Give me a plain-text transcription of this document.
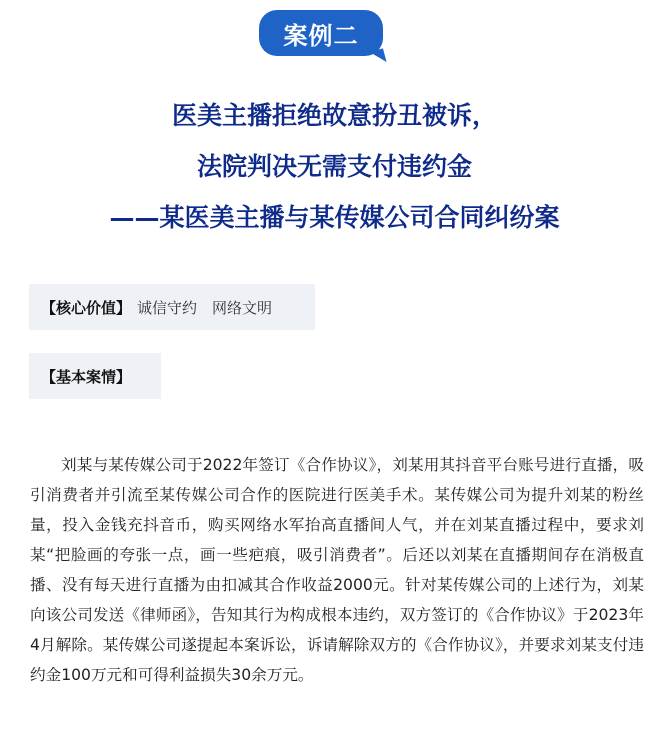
案例二
医美主播拒绝故意扮丑被诉，
法院判决无需支付违约金
——某医美主播与某传媒公司合同纠纷案
【核心价值】 诚信守约　网络文明
【基本案情】

刘某与某传媒公司于2022年签订《合作协议》，刘某用其抖音平台账号进行直播，吸引消费者并引流至某传媒公司合作的医院进行医美手术。某传媒公司为提升刘某的粉丝量，投入金钱充抖音币，购买网络水军抬高直播间人气，并在刘某直播过程中，要求刘某“把脸画的夸张一点，画一些疤痕，吸引消费者”。后还以刘某在直播期间存在消极直播、没有每天进行直播为由扣减其合作收益2000元。针对某传媒公司的上述行为，刘某向该公司发送《律师函》，告知其行为构成根本违约，双方签订的《合作协议》于2023年4月解除。某传媒公司遂提起本案诉讼，诉请解除双方的《合作协议》，并要求刘某支付违约金100万元和可得利益损失30余万元。
